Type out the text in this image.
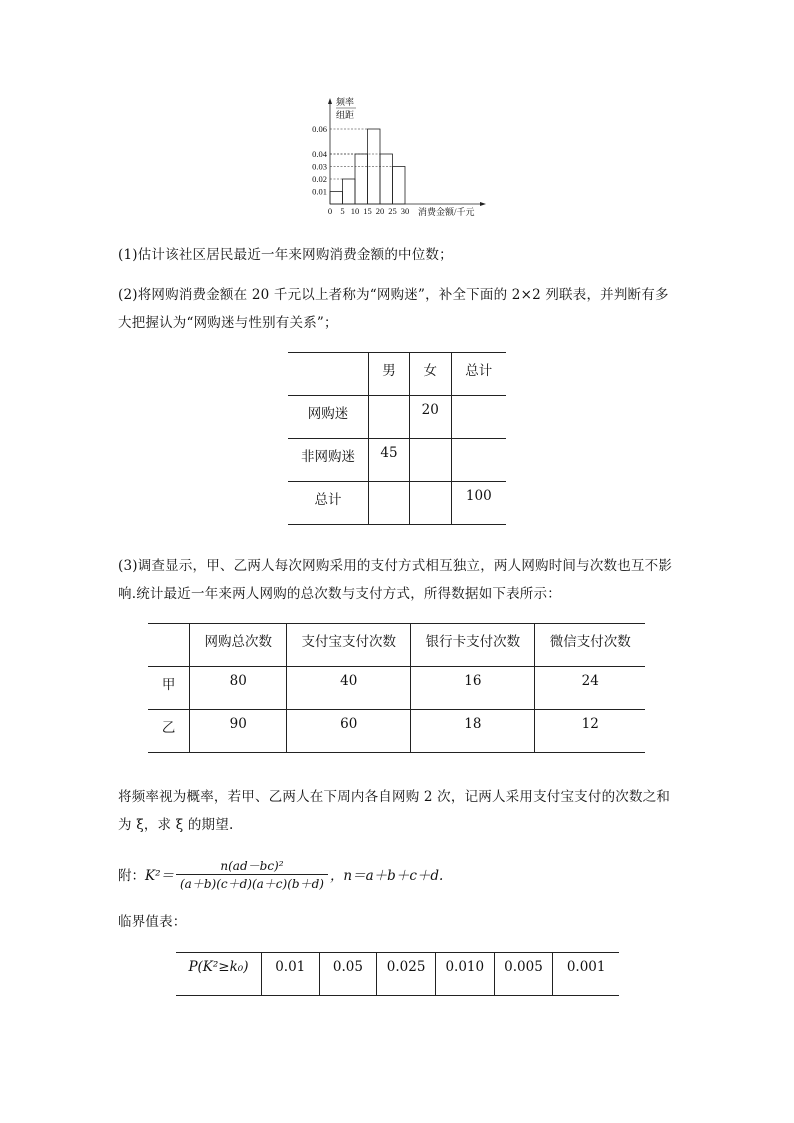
频率
组距
0.01
0.02
0.03
0.04
0.06
0 5 10 15 20 25 30 消费金额/千元
(1)估计该社区居民最近一年来网购消费金额的中位数；
(2)将网购消费金额在 20 千元以上者称为“网购迷”，补全下面的 2×2 列联表，并判断有多
大把握认为“网购迷与性别有关系”；
	男	女	总计
网购迷		20	
非网购迷	45		
总计			100
(3)调查显示，甲、乙两人每次网购采用的支付方式相互独立，两人网购时间与次数也互不影
响.统计最近一年来两人网购的总次数与支付方式，所得数据如下表所示：
	网购总次数	支付宝支付次数	银行卡支付次数	微信支付次数
甲	80	40	16	24
乙	90	60	18	12
将频率视为概率，若甲、乙两人在下周内各自网购 2 次，记两人采用支付宝支付的次数之和
为 ξ，求 ξ 的期望.
附： K²＝
n(ad－bc)²
(a＋b)(c＋d)(a＋c)(b＋d) ，n＝a＋b＋c＋d.
临界值表：
P(K²≥k₀)	0.01	0.05	0.025	0.010	0.005	0.001
